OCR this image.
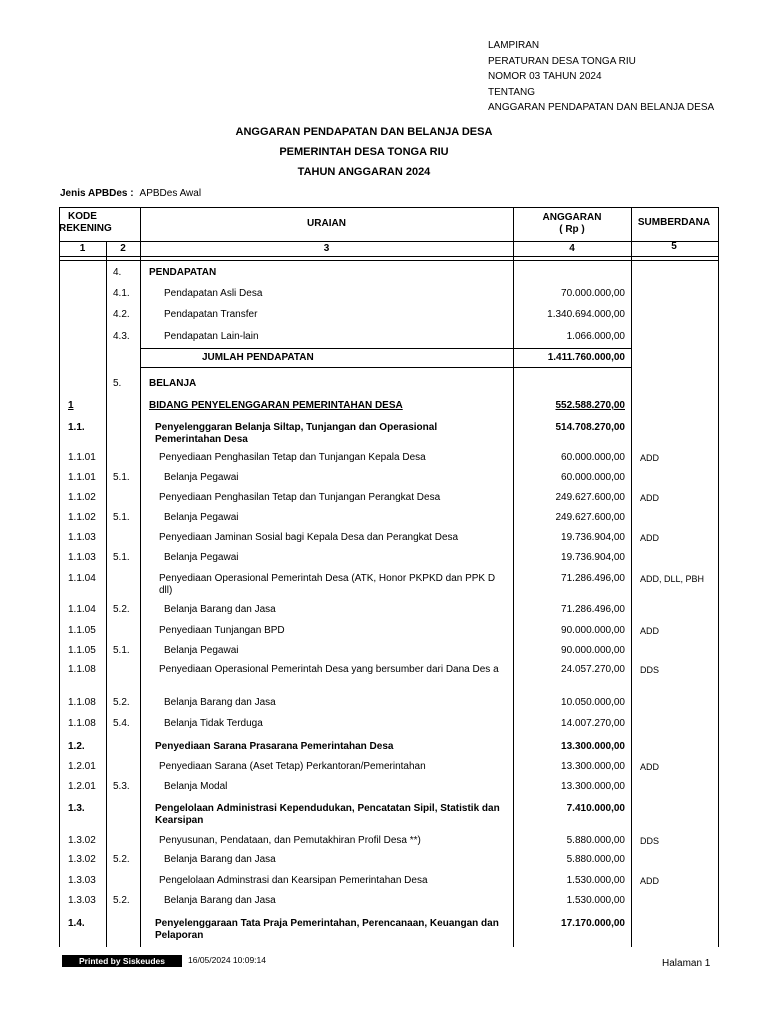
LAMPIRAN
PERATURAN DESA TONGA RIU
NOMOR 03 TAHUN 2024
TENTANG
ANGGARAN PENDAPATAN DAN BELANJA DESA
ANGGARAN PENDAPATAN DAN BELANJA DESA
PEMERINTAH DESA TONGA RIU
TAHUN ANGGARAN 2024
Jenis APBDes : APBDes Awal
KODE
REKENING	URAIAN
ANGGARAN
( Rp )
SUMBERDANA
1	2	3	4	5
4.	PENDAPATAN
4.1.	Pendapatan Asli Desa	70.000.000,00
4.2.	Pendapatan Transfer	1.340.694.000,00
4.3.	Pendapatan Lain-lain	1.066.000,00
JUMLAH PENDAPATAN	1.411.760.000,00
5.	BELANJA
1	BIDANG PENYELENGGARAN PEMERINTAHAN DESA	552.588.270,00
1.1.	Penyelenggaran Belanja Siltap, Tunjangan dan Operasional Pemerintahan Desa
514.708.270,00
1.1.01	Penyediaan Penghasilan Tetap dan Tunjangan Kepala Desa	60.000.000,00 ADD
1.1.01 5.1.	Belanja Pegawai	60.000.000,00
1.1.02	Penyediaan Penghasilan Tetap dan Tunjangan Perangkat Desa	249.627.600,00 ADD
1.1.02 5.1.	Belanja Pegawai	249.627.600,00
1.1.03	Penyediaan Jaminan Sosial bagi Kepala Desa dan Perangkat Desa	19.736.904,00 ADD
1.1.03 5.1.	Belanja Pegawai	19.736.904,00
1.1.04	Penyediaan Operasional Pemerintah Desa (ATK, Honor PKPKD dan PPK D dll)
71.286.496,00 ADD, DLL, PBH
1.1.04 5.2.	Belanja Barang dan Jasa	71.286.496,00
1.1.05	Penyediaan Tunjangan BPD	90.000.000,00 ADD
1.1.05 5.1.	Belanja Pegawai	90.000.000,00
1.1.08	Penyediaan Operasional Pemerintah Desa yang bersumber dari Dana Des a	24.057.270,00 DDS
1.1.08 5.2.	Belanja Barang dan Jasa	10.050.000,00
1.1.08 5.4.	Belanja Tidak Terduga	14.007.270,00
1.2.	Penyediaan Sarana Prasarana Pemerintahan Desa	13.300.000,00
1.2.01	Penyediaan Sarana (Aset Tetap) Perkantoran/Pemerintahan	13.300.000,00 ADD
1.2.01 5.3.	Belanja Modal	13.300.000,00
1.3.	Pengelolaan Administrasi Kependudukan, Pencatatan Sipil, Statistik dan Kearsipan
7.410.000,00
1.3.02	Penyusunan, Pendataan, dan Pemutakhiran Profil Desa **)	5.880.000,00 DDS
1.3.02 5.2.	Belanja Barang dan Jasa	5.880.000,00
1.3.03	Pengelolaan Adminstrasi dan Kearsipan Pemerintahan Desa	1.530.000,00 ADD
1.3.03 5.2.	Belanja Barang dan Jasa	1.530.000,00
1.4.	Penyelenggaraan Tata Praja Pemerintahan, Perencanaan, Keuangan dan Pelaporan
17.170.000,00
Printed by Siskeudes	16/05/2024 10:09:14	Halaman 1
